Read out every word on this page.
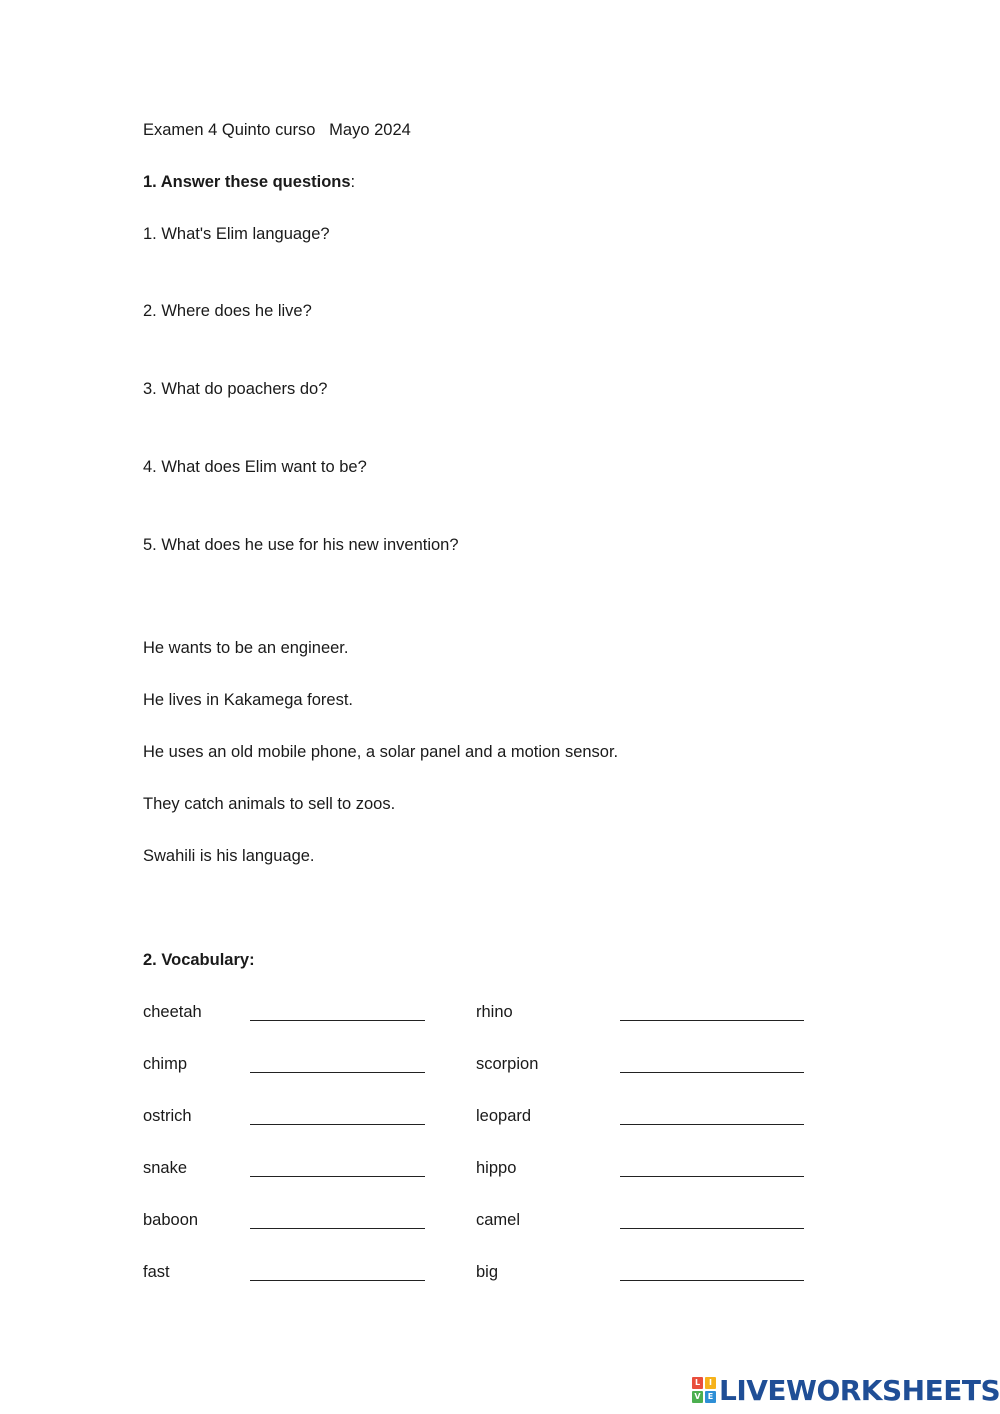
Examen 4 Quinto curso   Mayo 2024
1. Answer these questions:
1. What's Elim language?
2. Where does he live?
3. What do poachers do?
4. What does Elim want to be?
5. What does he use for his new invention?
He wants to be an engineer.
He lives in Kakamega forest.
He uses an old mobile phone, a solar panel and a motion sensor.
They catch animals to sell to zoos.
Swahili is his language.
2. Vocabulary:
cheetah	rhino
chimp	scorpion
ostrich	leopard
snake	hippo
baboon	camel
fast	big
L	I
V E LIVEWORKSHEETS
